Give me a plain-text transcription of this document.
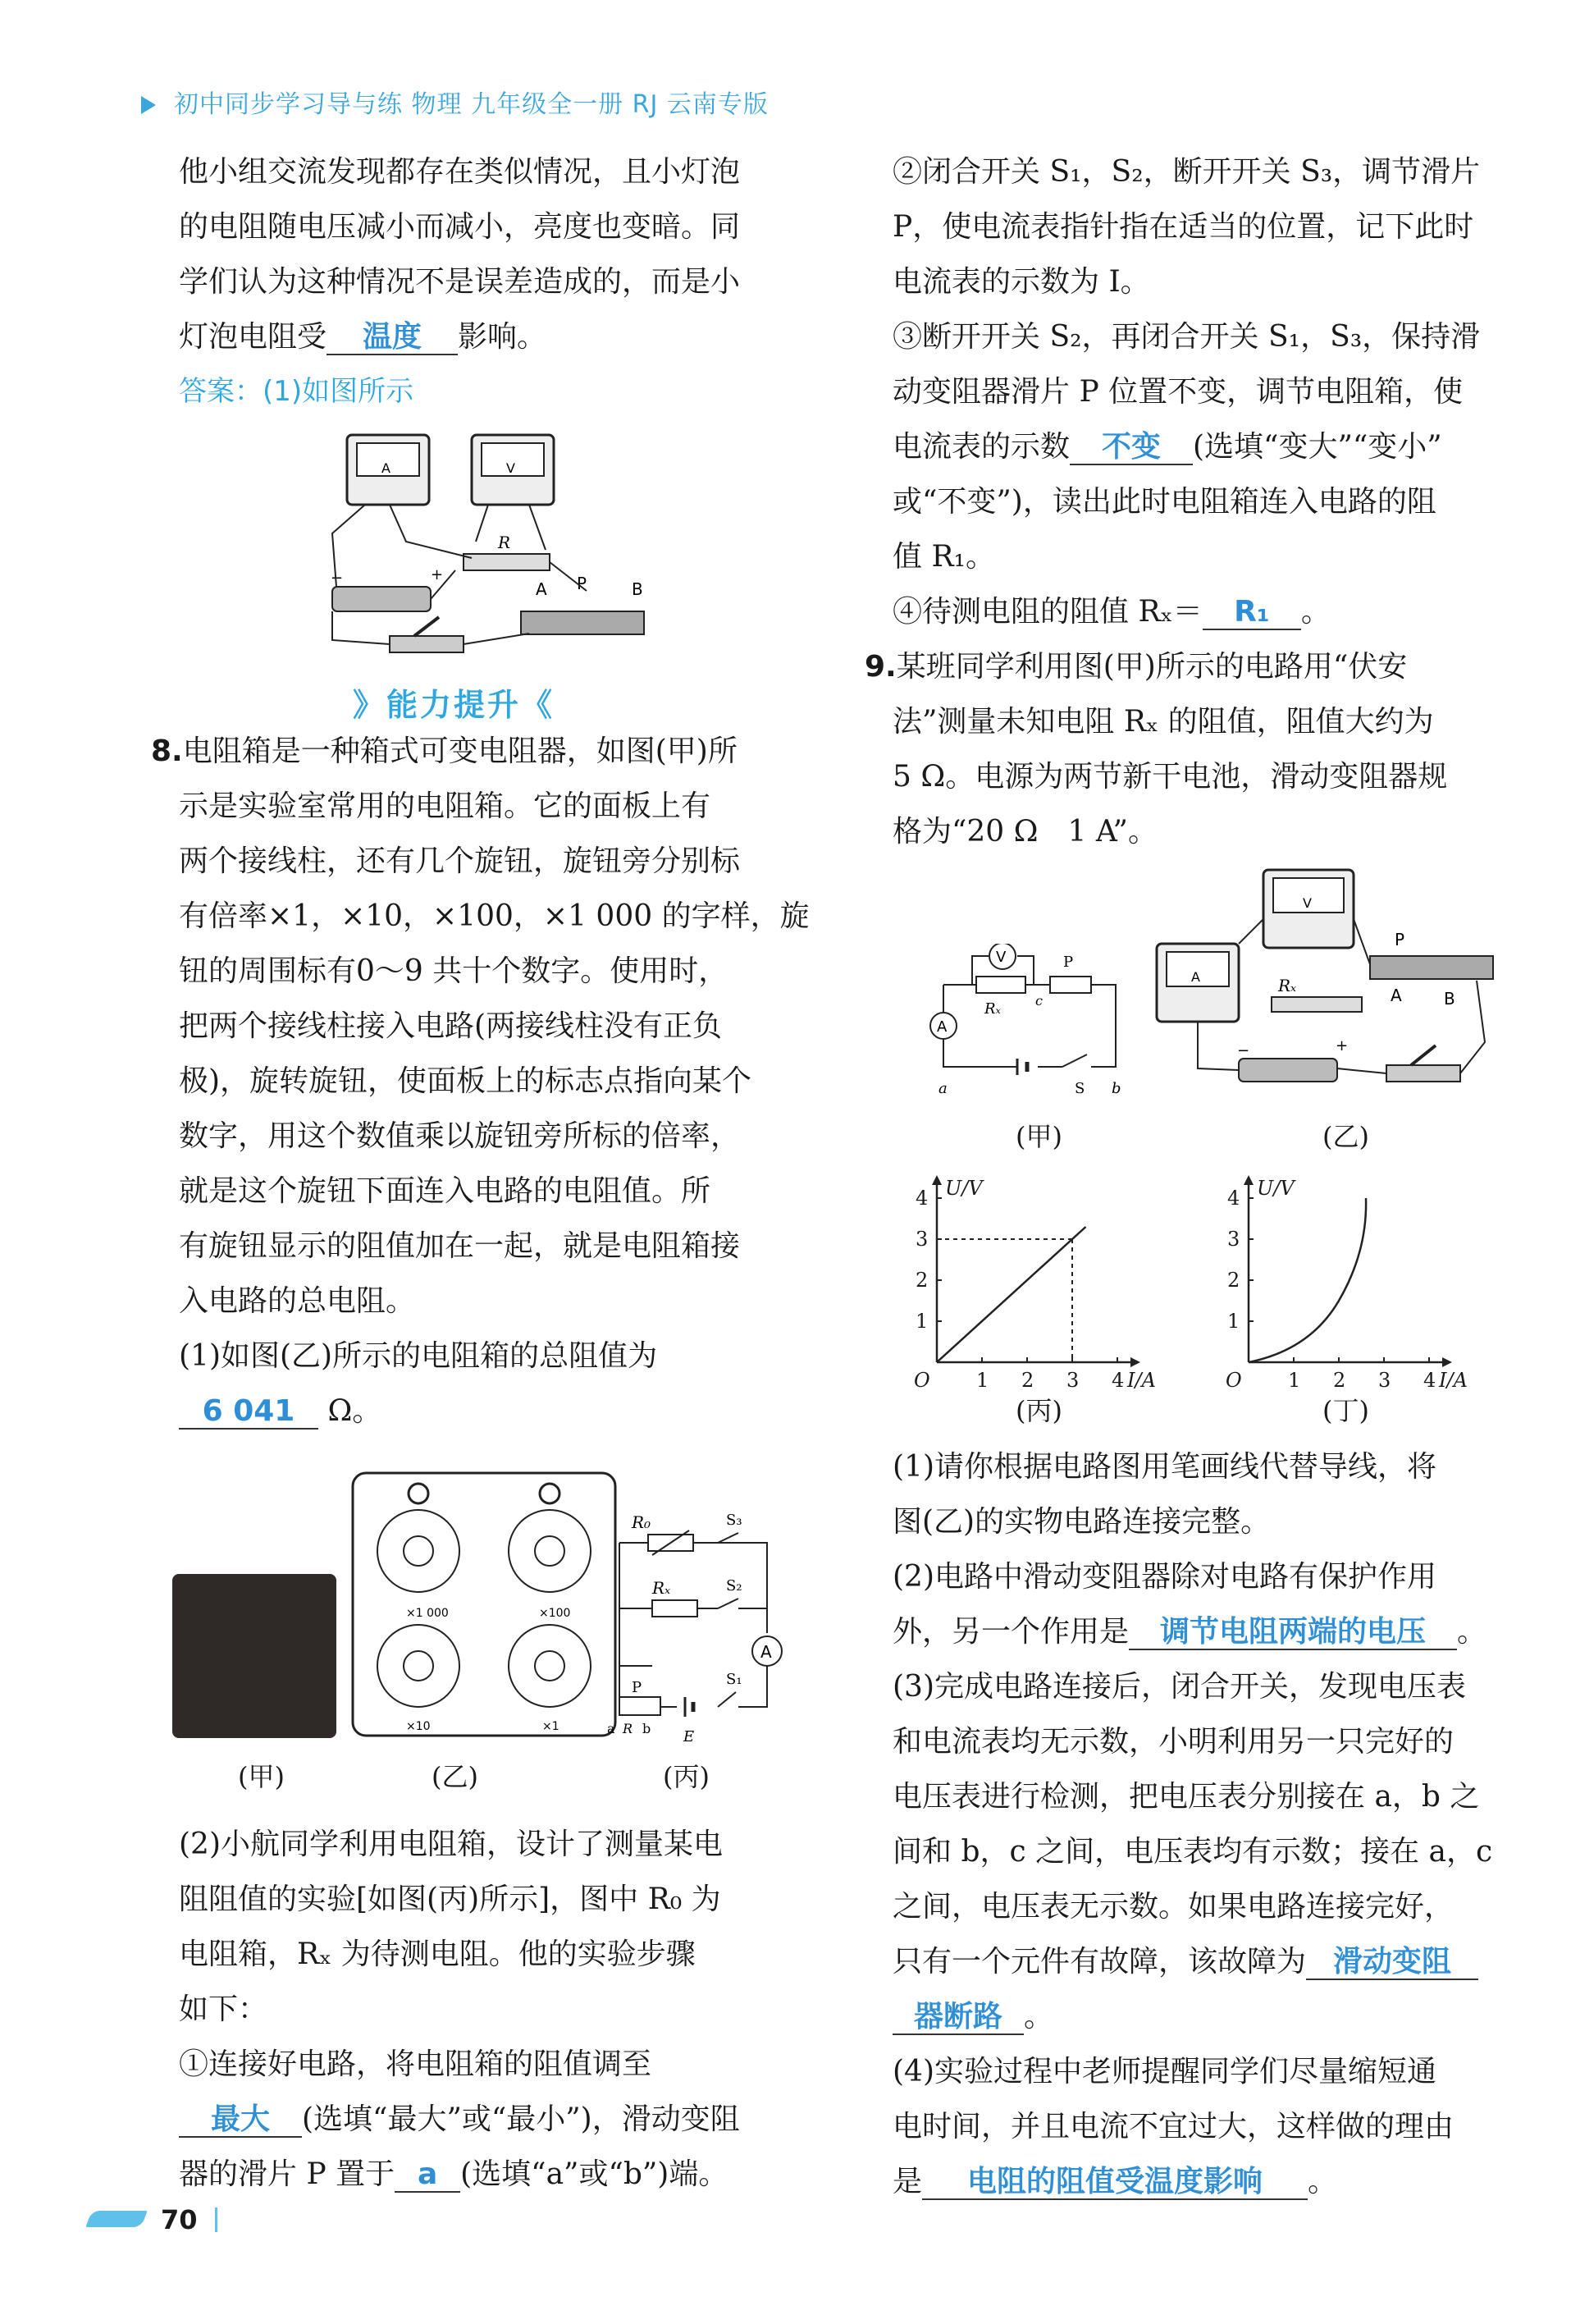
初中同步学习导与练 物理 九年级全一册 RJ 云南专版

他小组交流发现都存在类似情况，且小灯泡

的电阻随电压减小而减小，亮度也变暗。同

学们认为这种情况不是误差造成的，而是小

灯泡电阻受 温度 影响。

答案：(1)如图所示

A	V
R
−	+
A P	B
》能力提升《

8.电阻箱是一种箱式可变电阻器，如图(甲)所

示是实验室常用的电阻箱。它的面板上有

两个接线柱，还有几个旋钮，旋钮旁分别标

有倍率×1，×10，×100，×1 000 的字样，旋

钮的周围标有0～9 共十个数字。使用时，

把两个接线柱接入电路(两接线柱没有正负

极)，旋转旋钮，使面板上的标志点指向某个

数字，用这个数值乘以旋钮旁所标的倍率，

就是这个旋钮下面连入电路的电阻值。所

有旋钮显示的阻值加在一起，就是电阻箱接

入电路的总电阻。

(1)如图(乙)所示的电阻箱的总阻值为

6 041 Ω。

×1 000	×100
×10	×1
R₀
Rₓ
S₃
S₂
A
S₁
P
a R b E
(甲)	(乙)	(丙)

(2)小航同学利用电阻箱，设计了测量某电

阻阻值的实验[如图(丙)所示]，图中 R₀ 为

电阻箱，Rₓ 为待测电阻。他的实验步骤

如下：

①连接好电路，将电阻箱的阻值调至

最大 (选填“最大”或“最小”)，滑动变阻

器的滑片 P 置于 a (选填“a”或“b”)端。

②闭合开关 S₁，S₂，断开开关 S₃，调节滑片

P，使电流表指针指在适当的位置，记下此时

电流表的示数为 I。

③断开开关 S₂，再闭合开关 S₁，S₃，保持滑

动变阻器滑片 P 位置不变，调节电阻箱，使

电流表的示数 不变 (选填“变大”“变小”

或“不变”)，读出此时电阻箱连入电路的阻

值 R₁。

④待测电阻的阻值 Rₓ＝ R₁ 。

9.某班同学利用图(甲)所示的电路用“伏安

法”测量未知电阻 Rₓ 的阻值，阻值大约为

5 Ω。电源为两节新干电池，滑动变阻器规

格为“20 Ω　1 A”。

A
Rₓ
V
c
P
S
a	b
V
A	Rₓ
P
A	B
−	+
(甲)	(乙)
O 1 2 3 4
1
2
3
4 U/V
I/A	O 1 2 3 4
1
2
3
4 U/V
I/A
(丙)	(丁)

(1)请你根据电路图用笔画线代替导线，将

图(乙)的实物电路连接完整。

(2)电路中滑动变阻器除对电路有保护作用

外，另一个作用是 调节电阻两端的电压 。

(3)完成电路连接后，闭合开关，发现电压表

和电流表均无示数，小明利用另一只完好的

电压表进行检测，把电压表分别接在 a，b 之

间和 b，c 之间，电压表均有示数；接在 a，c

之间，电压表无示数。如果电路连接完好，

只有一个元件有故障，该故障为 滑动变阻

器断路 。

(4)实验过程中老师提醒同学们尽量缩短通

电时间，并且电流不宜过大，这样做的理由

是 电阻的阻值受温度影响 。

70
